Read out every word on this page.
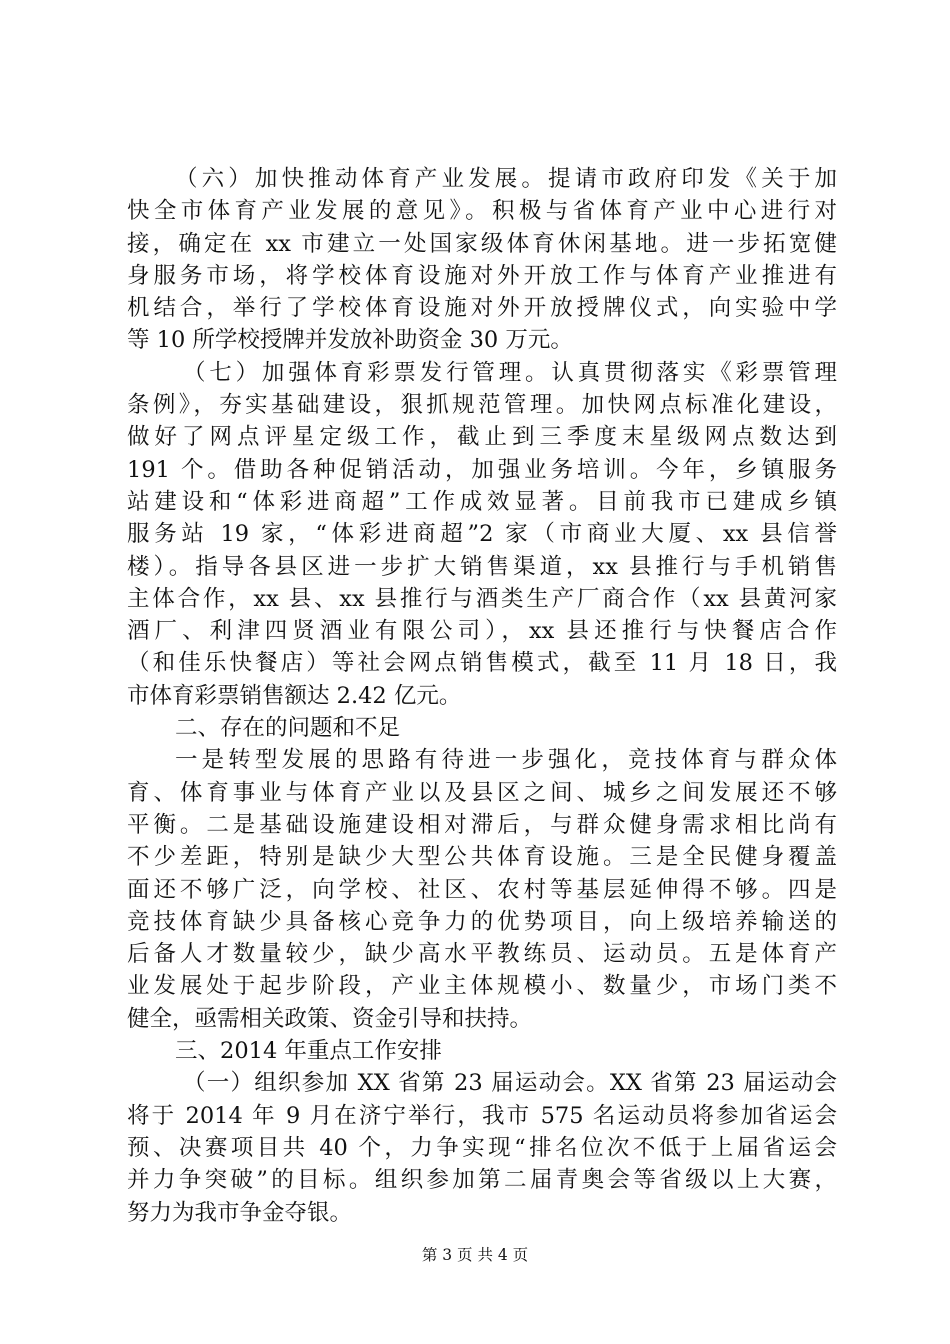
（六）加快推动体育产业发展。提请市政府印发《关于加
快全市体育产业发展的意见》。积极与省体育产业中心进行对
接，确定在 xx 市建立一处国家级体育休闲基地。进一步拓宽健
身服务市场，将学校体育设施对外开放工作与体育产业推进有
机结合，举行了学校体育设施对外开放授牌仪式，向实验中学
等 10 所学校授牌并发放补助资金 30 万元。
（七）加强体育彩票发行管理。认真贯彻落实《彩票管理
条例》，夯实基础建设，狠抓规范管理。加快网点标准化建设，
做好了网点评星定级工作，截止到三季度末星级网点数达到
191 个。借助各种促销活动，加强业务培训。今年，乡镇服务
站建设和“体彩进商超”工作成效显著。目前我市已建成乡镇
服务站 19 家，“体彩进商超”2 家（市商业大厦、xx 县信誉
楼）。指导各县区进一步扩大销售渠道，xx 县推行与手机销售
主体合作，xx 县、xx 县推行与酒类生产厂商合作（xx 县黄河家
酒厂、利津四贤酒业有限公司），xx 县还推行与快餐店合作
（和佳乐快餐店）等社会网点销售模式，截至 11 月 18 日，我
市体育彩票销售额达 2.42 亿元。
二、存在的问题和不足
一是转型发展的思路有待进一步强化，竞技体育与群众体
育、体育事业与体育产业以及县区之间、城乡之间发展还不够
平衡。二是基础设施建设相对滞后，与群众健身需求相比尚有
不少差距，特别是缺少大型公共体育设施。三是全民健身覆盖
面还不够广泛，向学校、社区、农村等基层延伸得不够。四是
竞技体育缺少具备核心竞争力的优势项目，向上级培养输送的
后备人才数量较少，缺少高水平教练员、运动员。五是体育产
业发展处于起步阶段，产业主体规模小、数量少，市场门类不
健全，亟需相关政策、资金引导和扶持。
三、2014 年重点工作安排
（一）组织参加 XX 省第 23 届运动会。XX 省第 23 届运动会
将于 2014 年 9 月在济宁举行，我市 575 名运动员将参加省运会
预、决赛项目共 40 个，力争实现“排名位次不低于上届省运会
并力争突破”的目标。组织参加第二届青奥会等省级以上大赛，
努力为我市争金夺银。
第 3 页 共 4 页
